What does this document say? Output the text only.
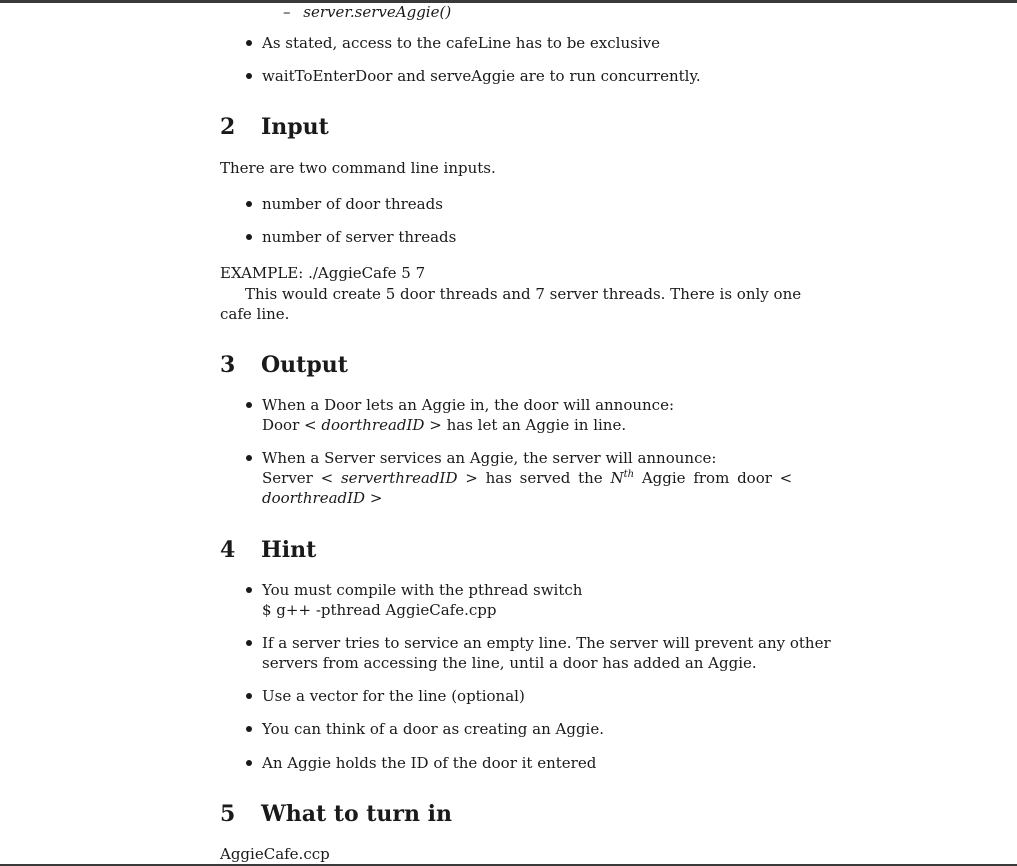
– server.serveAggie()
As stated, access to the cafeLine has to be exclusive
waitToEnterDoor and serveAggie are to run concurrently.
2 Input
There are two command line inputs.
number of door threads
number of server threads
EXAMPLE: ./AggieCafe 5 7
This would create 5 door threads and 7 server threads. There is only one
cafe line.
3 Output
When a Door lets an Aggie in, the door will announce:
Door < doorthreadID > has let an Aggie in line.
When a Server services an Aggie, the server will announce:
Server < serverthreadID > has served the $N^{th}$ Aggie from door <
doorthreadID >
4 Hint
You must compile with the pthread switch
$ g++ -pthread AggieCafe.cpp
If a server tries to service an empty line. The server will prevent any other
servers from accessing the line, until a door has added an Aggie.
Use a vector for the line (optional)
You can think of a door as creating an Aggie.
An Aggie holds the ID of the door it entered
5 What to turn in
AggieCafe.ccp
